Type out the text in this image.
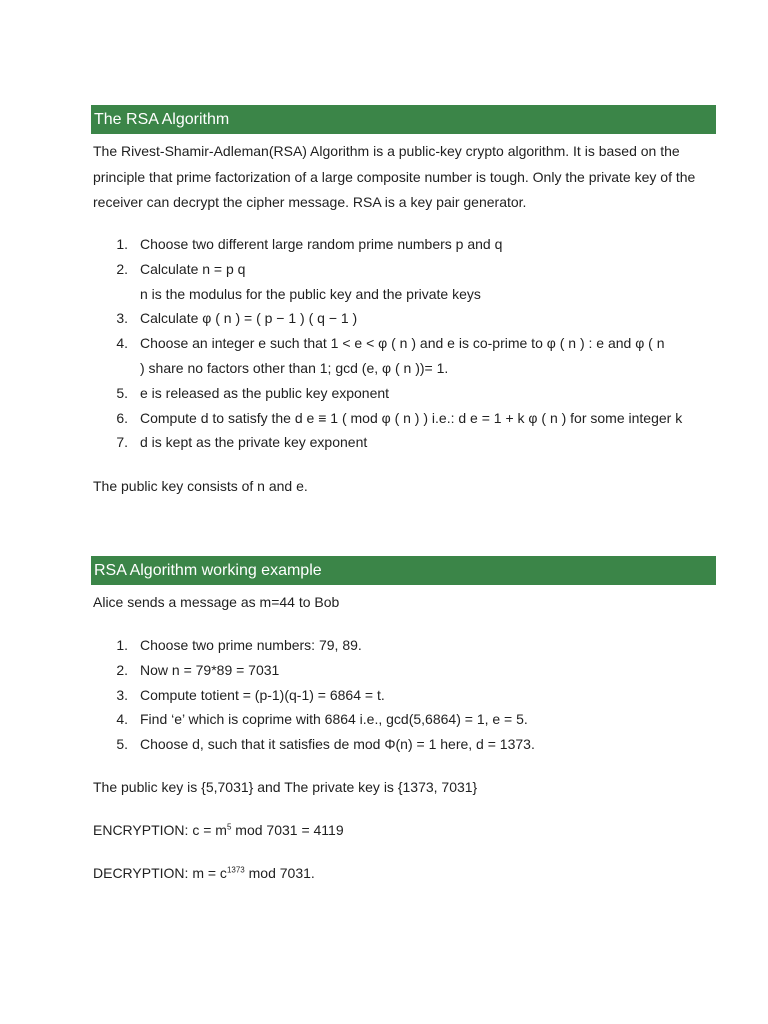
The RSA Algorithm

The Rivest-Shamir-Adleman(RSA) Algorithm is a public-key crypto algorithm. It is based on the principle that prime factorization of a large composite number is tough. Only the private key of the receiver can decrypt the cipher message. RSA is a key pair generator.

1. Choose two different large random prime numbers p and q
2. Calculate n = p q
n is the modulus for the public key and the private keys
3. Calculate φ ( n ) = ( p − 1 ) ( q − 1 )
4. Choose an integer e such that 1 < e < φ ( n ) and e is co-prime to φ ( n ) : e and φ ( n
) share no factors other than 1; gcd (e, φ ( n ))= 1.
5. e is released as the public key exponent
6. Compute d to satisfy the d e ≡ 1 ( mod φ ( n ) ) i.e.: d e = 1 + k φ ( n ) for some integer k
7. d is kept as the private key exponent

The public key consists of n and e.

RSA Algorithm working example

Alice sends a message as m=44 to Bob

1. Choose two prime numbers: 79, 89.
2. Now n = 79*89 = 7031
3. Compute totient = (p-1)(q-1) = 6864 = t.
4. Find ‘e’ which is coprime with 6864 i.e., gcd(5,6864) = 1, e = 5.
5. Choose d, such that it satisfies de mod Φ(n) = 1 here, d = 1373.

The public key is {5,7031} and The private key is {1373, 7031}

ENCRYPTION: $c = m^5$ mod 7031 = 4119

DECRYPTION: $m = c^{1373}$ mod 7031.
